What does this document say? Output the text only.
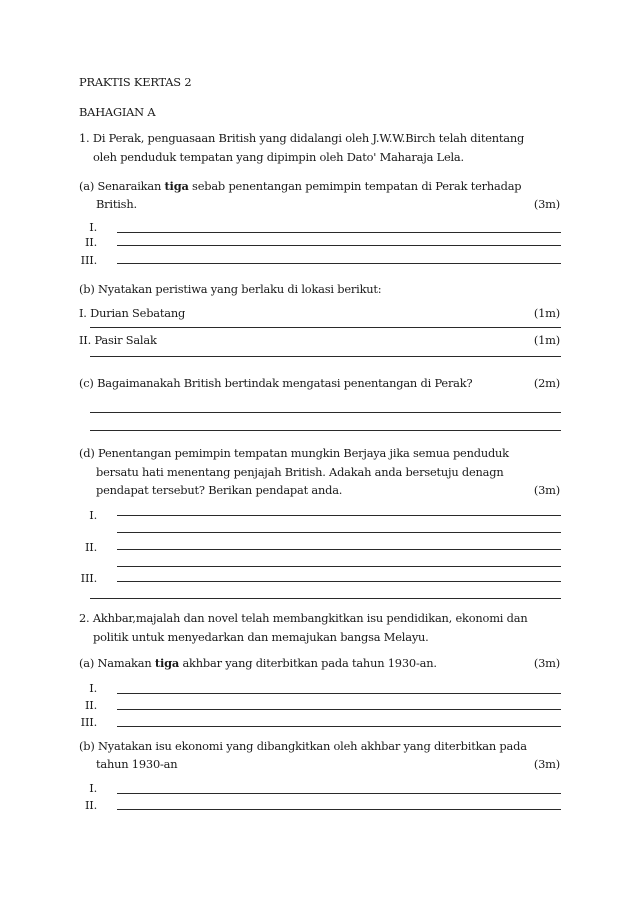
PRAKTIS KERTAS 2
BAHAGIAN A
1. Di Perak, penguasaan British yang didalangi oleh J.W.W.Birch telah ditentang
oleh penduduk tempatan yang dipimpin oleh Dato' Maharaja Lela.
(a) Senaraikan tiga sebab penentangan pemimpin tempatan di Perak terhadap
British.	(3m)
I.
II.
III.
(b) Nyatakan peristiwa yang berlaku di lokasi berikut:
I. Durian Sebatang	(1m)
II. Pasir Salak	(1m)
(c) Bagaimanakah British bertindak mengatasi penentangan di Perak?	(2m)
(d) Penentangan pemimpin tempatan mungkin Berjaya jika semua penduduk
bersatu hati menentang penjajah British. Adakah anda bersetuju denagn
pendapat tersebut? Berikan pendapat anda.	(3m)
I.
II.
III.
2. Akhbar,majalah dan novel telah membangkitkan isu pendidikan, ekonomi dan
politik untuk menyedarkan dan memajukan bangsa Melayu.
(a) Namakan tiga akhbar yang diterbitkan pada tahun 1930-an.	(3m)
I.
II.
III.
(b) Nyatakan isu ekonomi yang dibangkitkan oleh akhbar yang diterbitkan pada
tahun 1930-an	(3m)
I.
II.
